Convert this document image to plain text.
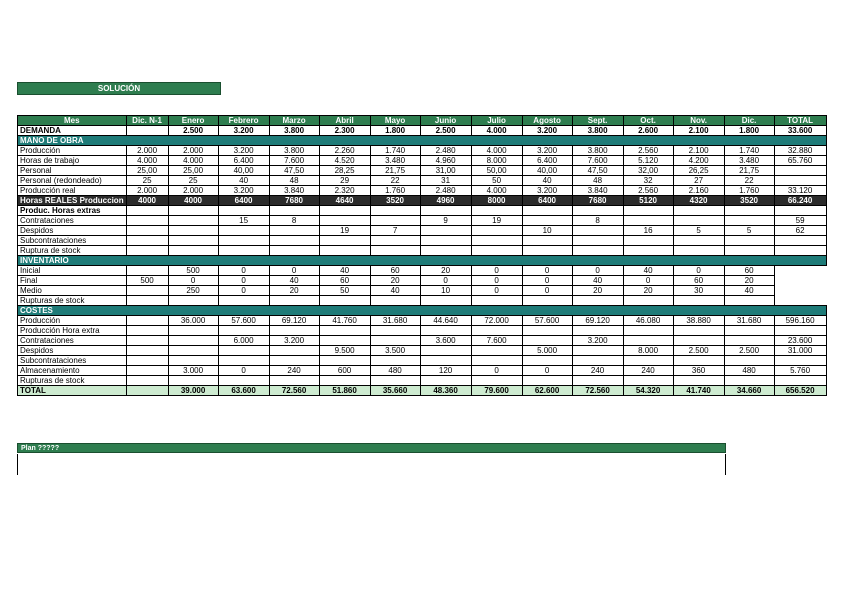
SOLUCIÓN
Mes	Dic. N-1	Enero	Febrero	Marzo	Abril	Mayo	Junio	Julio	Agosto	Sept.	Oct.	Nov.	Dic.	TOTAL
DEMANDA		2.500	3.200	3.800	2.300	1.800	2.500	4.000	3.200	3.800	2.600	2.100	1.800	33.600
MANO DE OBRA														
Producción	2.000	2.000	3.200	3.800	2.260	1.740	2.480	4.000	3.200	3.800	2.560	2.100	1.740	32.880
Horas de trabajo	4.000	4.000	6.400	7.600	4.520	3.480	4.960	8.000	6.400	7.600	5.120	4.200	3.480	65.760
Personal	25,00	25,00	40,00	47,50	28,25	21,75	31,00	50,00	40,00	47,50	32,00	26,25	21,75	
Personal (redondeado)	25	25	40	48	29	22	31	50	40	48	32	27	22	
Producción real	2.000	2.000	3.200	3.840	2.320	1.760	2.480	4.000	3.200	3.840	2.560	2.160	1.760	33.120
Horas REALES Produccion	4000	4000	6400	7680	4640	3520	4960	8000	6400	7680	5120	4320	3520	66.240
Produc. Horas extras														
Contrataciones			15	8			9	19		8				59
Despidos					19	7			10		16	5	5	62
Subcontrataciones														
Ruptura de stock														
INVENTARIO														
Inicial		500	0	0	40	60	20	0	0	0	40	0	60	
Final	500	0	0	40	60	20	0	0	0	40	0	60	20	
Medio		250	0	20	50	40	10	0	0	20	20	30	40	
Rupturas de stock														
COSTES														
Producción		36.000	57.600	69.120	41.760	31.680	44.640	72.000	57.600	69.120	46.080	38.880	31.680	596.160
Producción Hora extra														
Contrataciones			6.000	3.200			3.600	7.600		3.200				23.600
Despidos					9.500	3.500			5.000		8.000	2.500	2.500	31.000
Subcontrataciones														
Almacenamiento		3.000	0	240	600	480	120	0	0	240	240	360	480	5.760
Rupturas de stock														
TOTAL		39.000	63.600	72.560	51.860	35.660	48.360	79.600	62.600	72.560	54.320	41.740	34.660	656.520
Plan ?????
